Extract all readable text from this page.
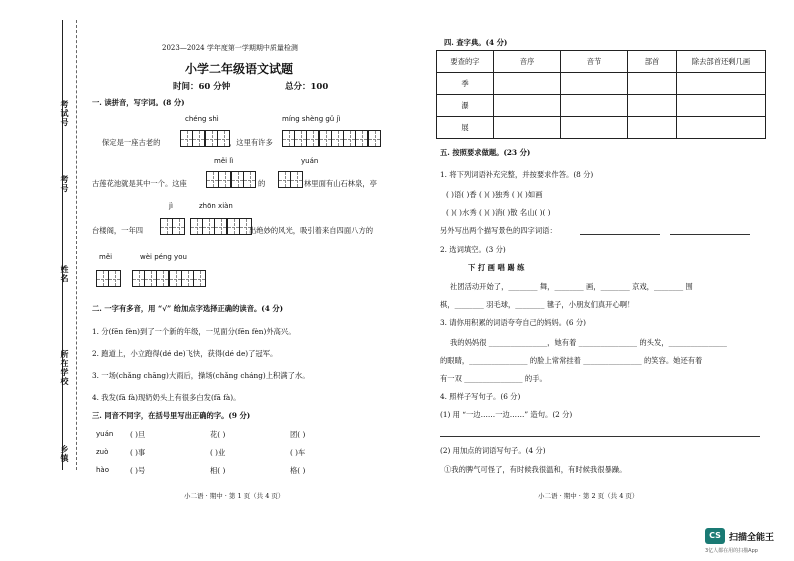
考试号
考号
姓名
所在学校
乡镇
2023—2024 学年度第一学期期中质量检测
小学二年级语文试题
时间：60 分钟	总分：100
一. 读拼音，写字词。(8 分)
chéng shì	míng shèng gǔ jì
保定是一座古老的	，这里有许多
měi lì	yuán
古莲花池就是其中一个。这座	的	林里面有山石林泉，亭
jì	zhōn xiàn
台楼阁，一年四	出绝妙的风光，吸引着来自四面八方的
měi	wèi péng you
二. 一字有多音，用 “√” 给加点字选择正确的读音。(4 分)
1. 分(fēn fèn)到了一个新的年级，一见面分(fēn fèn)外高兴。
2. 跑道上，小立跑得(dé de)飞快，获得(dé de)了冠军。
3. 一场(chǎng chāng)大雨后，操场(chǎng cháng)上积满了水。
4. 我发(fā fà)现奶奶头上有很多白发(fā fà)。
三. 同音不同字，在括号里写出正确的字。(9 分)
yuán ( )旦	花( )	团( )
zuò	( )事	( )业	( )车
hào	( )号	相( )	格( )
小二语 · 期中 · 第 1 页（共 4 页）
四. 查字典。(4 分)
要查的字	音序	音节	部首	除去部首还剩几画
季				
瀑				
展				
五. 按照要求做题。(23 分)
1. 将下列词语补充完整，并按要求作答。(8 分)
( )语( )香 ( )( )独秀 ( )( )如画
( )( )水秀 ( )( )消( )散 名山( )( )
另外写出两个描写景色的四字词语：
2. 选词填空。(3 分)
下 打 画 唱 踢 练
社团活动开始了，________ 舞，________ 画，________ 京戏，________ 围
棋，________ 羽毛球，________ 毽子，小朋友们真开心啊！
3. 请你用积累的词语夸夸自己的妈妈。(6 分)
我的妈妈很 ________________，她有着 ________________ 的头发，________________
的眼睛，________________ 的脸上常常挂着 ________________ 的笑容。她还有着
有一双 ________________ 的手。
4. 照样子写句子。(6 分)
(1) 用 “一边……一边……” 造句。(2 分)
(2) 用加点的词语写句子。(4 分)
①我的脾气可怪了，有时候我很温和，有时候我很暴躁。
小二语 · 期中 · 第 2 页（共 4 页）
CS 扫描全能王
3亿人都在用的扫描App
